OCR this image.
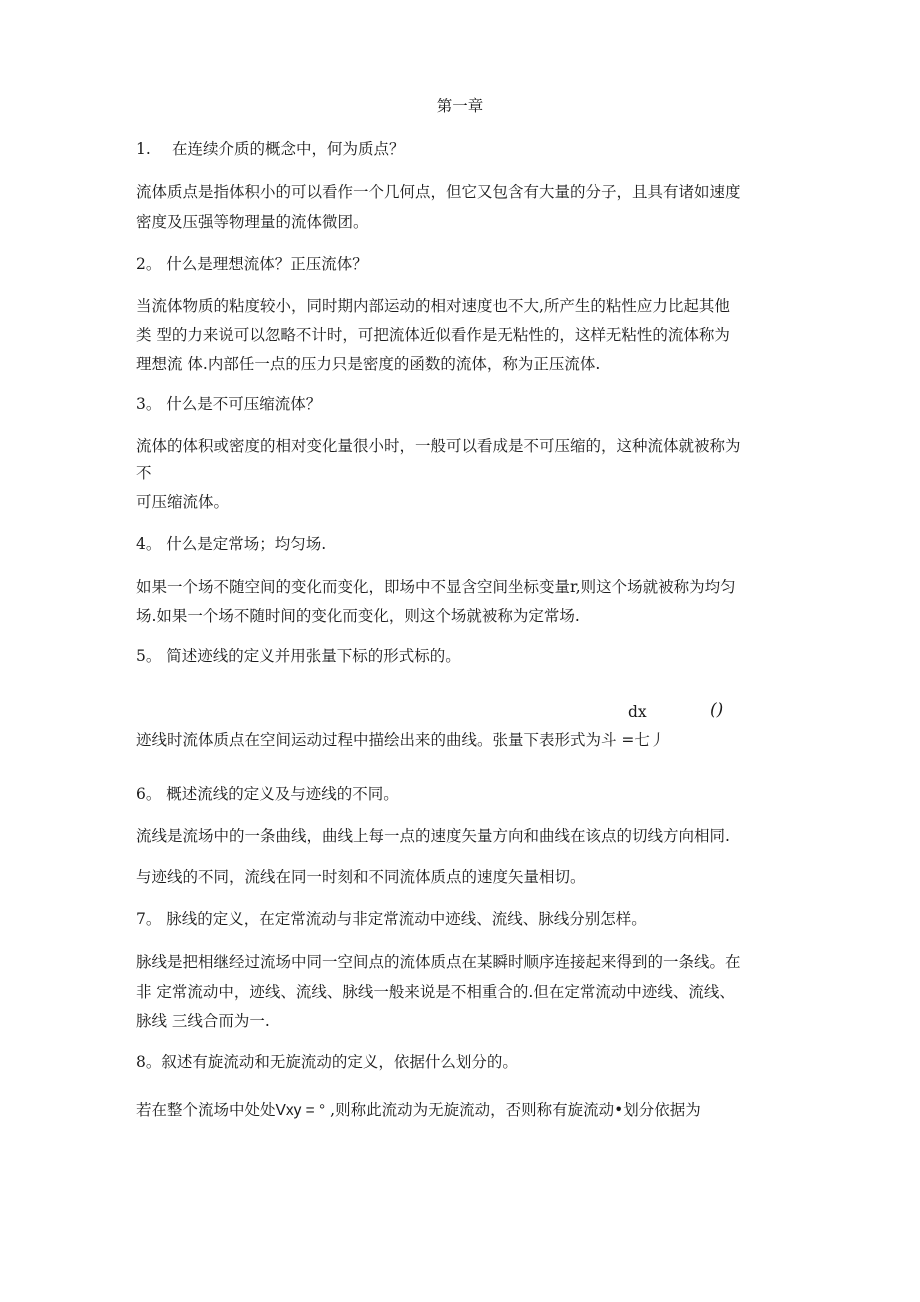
第一章
1. 在连续介质的概念中，何为质点？
流体质点是指体积小的可以看作一个几何点，但它又包含有大量的分子，且具有诸如速度
密度及压强等物理量的流体微团。
2。 什么是理想流体？正压流体？
当流体物质的粘度较小，同时期内部运动的相对速度也不大,所产生的粘性应力比起其他
类 型的力来说可以忽略不计时，可把流体近似看作是无粘性的，这样无粘性的流体称为
理想流 体.内部任一点的压力只是密度的函数的流体，称为正压流体.
3。 什么是不可压缩流体？
流体的体积或密度的相对变化量很小时，一般可以看成是不可压缩的，这种流体就被称为
不
可压缩流体。
4。 什么是定常场；均匀场.
如果一个场不随空间的变化而变化，即场中不显含空间坐标变量r,则这个场就被称为均匀
场.如果一个场不随时间的变化而变化，则这个场就被称为定常场.
5。 简述迹线的定义并用张量下标的形式标的。
dx	()
迹线时流体质点在空间运动过程中描绘出来的曲线。张量下表形式为斗 =七丿
6。 概述流线的定义及与迹线的不同。
流线是流场中的一条曲线，曲线上每一点的速度矢量方向和曲线在该点的切线方向相同.
与迹线的不同，流线在同一时刻和不同流体质点的速度矢量相切。
7。 脉线的定义，在定常流动与非定常流动中迹线、流线、脉线分别怎样。
脉线是把相继经过流场中同一空间点的流体质点在某瞬时顺序连接起来得到的一条线。在
非 定常流动中，迹线、流线、脉线一般来说是不相重合的.但在定常流动中迹线、流线、
脉线 三线合而为一.
8。叙述有旋流动和无旋流动的定义，依据什么划分的。
若在整个流场中处处Vxy = ° ,则称此流动为无旋流动，否则称有旋流动•划分依据为
